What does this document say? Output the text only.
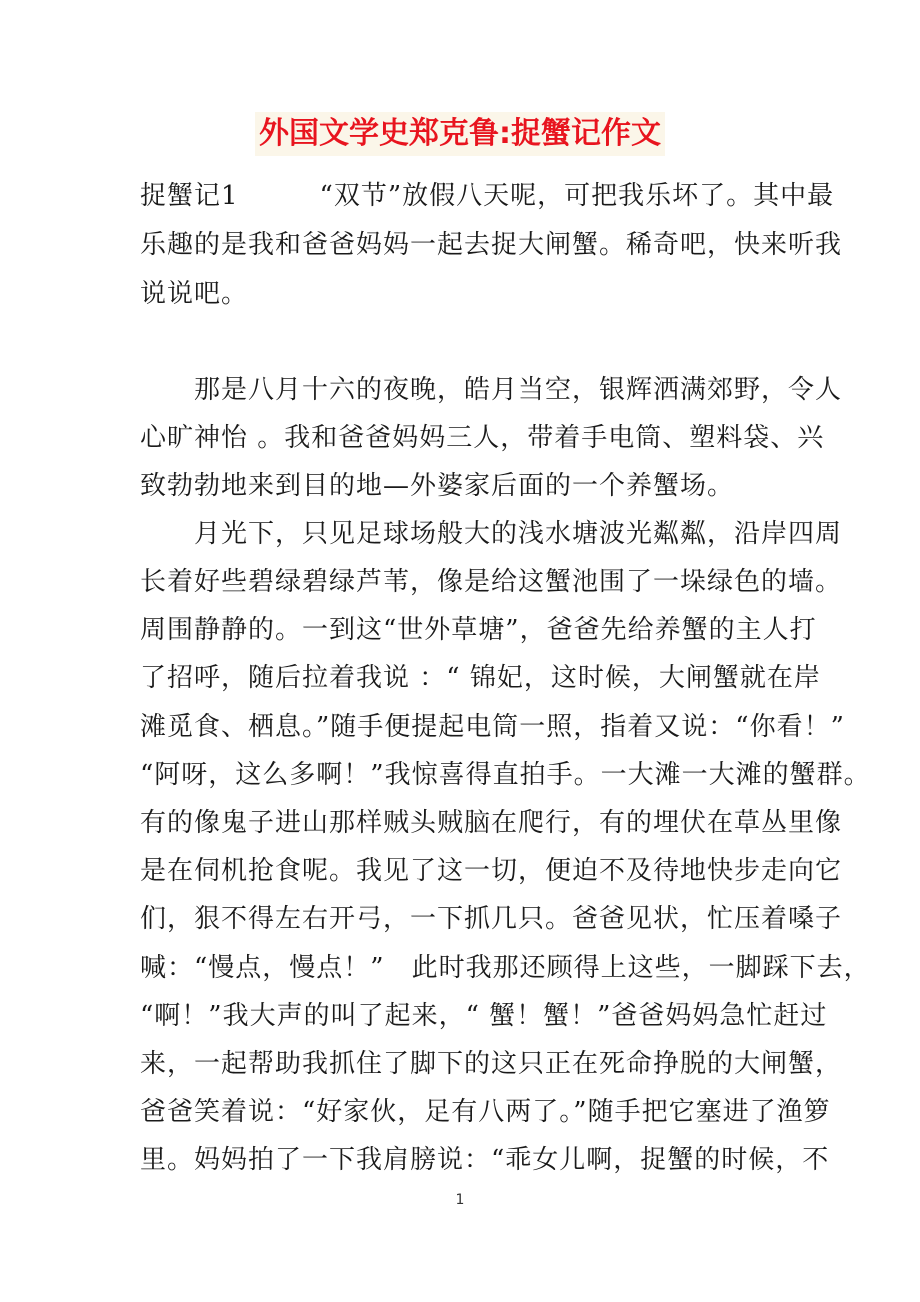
外国文学史郑克鲁:捉蟹记作文
捉蟹记1　　　“双节”放假八天呢，可把我乐坏了。其中最
乐趣的是我和爸爸妈妈一起去捉大闸蟹。稀奇吧，快来听我
说说吧。
　　那是八月十六的夜晚，皓月当空，银辉洒满郊野，令人
心旷神怡 。我和爸爸妈妈三人，带着手电筒、塑料袋、兴
致勃勃地来到目的地—外婆家后面的一个养蟹场。
　　月光下，只见足球场般大的浅水塘波光粼粼，沿岸四周
长着好些碧绿碧绿芦苇，像是给这蟹池围了一垛绿色的墙。
周围静静的。一到这“世外草塘”，爸爸先给养蟹的主人打
了招呼，随后拉着我说 ：“ 锦妃，这时候，大闸蟹就在岸
滩觅食、栖息。”随手便提起电筒一照，指着又说：“你看！”
“阿呀，这么多啊！”我惊喜得直拍手。一大滩一大滩的蟹群。
有的像鬼子进山那样贼头贼脑在爬行，有的埋伏在草丛里像
是在伺机抢食呢。我见了这一切，便迫不及待地快步走向它
们，狠不得左右开弓，一下抓几只。爸爸见状，忙压着嗓子
喊：“慢点，慢点！”　此时我那还顾得上这些，一脚踩下去，
“啊！”我大声的叫了起来，“ 蟹！蟹！”爸爸妈妈急忙赶过
来，一起帮助我抓住了脚下的这只正在死命挣脱的大闸蟹，
爸爸笑着说：“好家伙，足有八两了。”随手把它塞进了渔箩
里。妈妈拍了一下我肩膀说：“乖女儿啊，捉蟹的时候，不
1
